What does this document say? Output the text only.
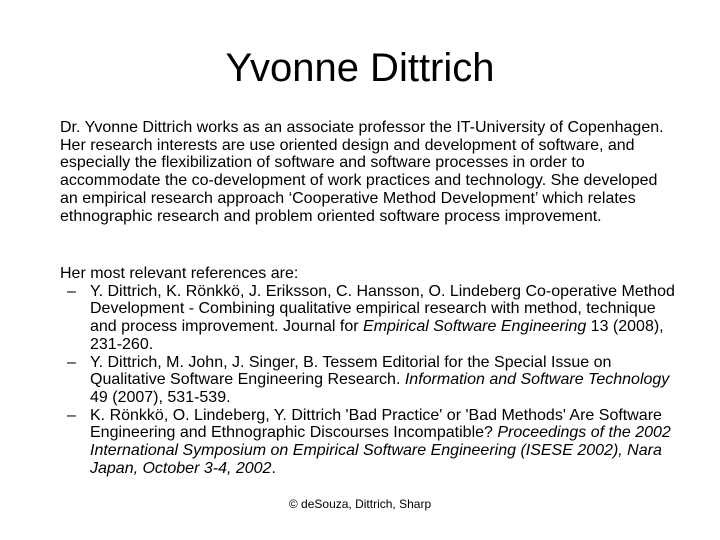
Yvonne Dittrich
Dr. Yvonne Dittrich works as an associate professor the IT-University of Copenhagen. Her research interests are use oriented design and development of software, and especially the flexibilization of software and software processes in order to accommodate the co-development of work practices and technology. She developed an empirical research approach ‘Cooperative Method Development’ which relates ethnographic research and problem oriented software process improvement.
Her most relevant references are:
– Y. Dittrich, K. Rönkkö, J. Eriksson, C. Hansson, O. Lindeberg Co-operative Method Development - Combining qualitative empirical research with method, technique and process improvement. Journal for Empirical Software Engineering 13 (2008), 231-260.
– Y. Dittrich, M. John, J. Singer, B. Tessem Editorial for the Special Issue on Qualitative Software Engineering Research. Information and Software Technology 49 (2007), 531-539.
– K. Rönkkö, O. Lindeberg, Y. Dittrich 'Bad Practice' or 'Bad Methods' Are Software Engineering and Ethnographic Discourses Incompatible? Proceedings of the 2002 International Symposium on Empirical Software Engineering (ISESE 2002), Nara Japan, October 3-4, 2002.
© deSouza, Dittrich, Sharp
